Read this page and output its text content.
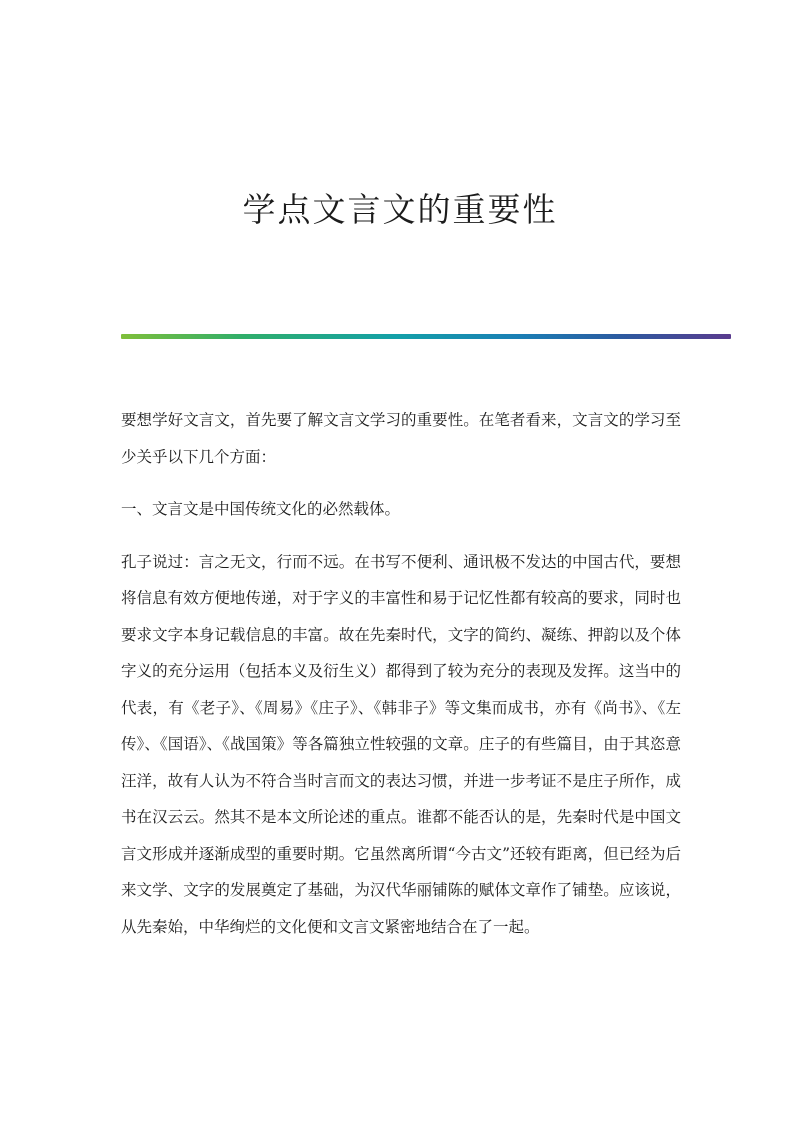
学点文言文的重要性

要想学好文言文，首先要了解文言文学习的重要性。在笔者看来，文言文的学习至少关乎以下几个方面：

一、文言文是中国传统文化的必然载体。

孔子说过：言之无文，行而不远。在书写不便利、通讯极不发达的中国古代，要想将信息有效方便地传递，对于字义的丰富性和易于记忆性都有较高的要求，同时也要求文字本身记载信息的丰富。故在先秦时代，文字的简约、凝练、押韵以及个体字义的充分运用（包括本义及衍生义）都得到了较为充分的表现及发挥。这当中的代表，有《老子》、《周易》《庄子》、《韩非子》等文集而成书，亦有《尚书》、《左传》、《国语》、《战国策》等各篇独立性较强的文章。庄子的有些篇目，由于其恣意汪洋，故有人认为不符合当时言而文的表达习惯，并进一步考证不是庄子所作，成书在汉云云。然其不是本文所论述的重点。谁都不能否认的是，先秦时代是中国文言文形成并逐渐成型的重要时期。它虽然离所谓“今古文”还较有距离，但已经为后来文学、文字的发展奠定了基础，为汉代华丽铺陈的赋体文章作了铺垫。应该说，从先秦始，中华绚烂的文化便和文言文紧密地结合在了一起。
